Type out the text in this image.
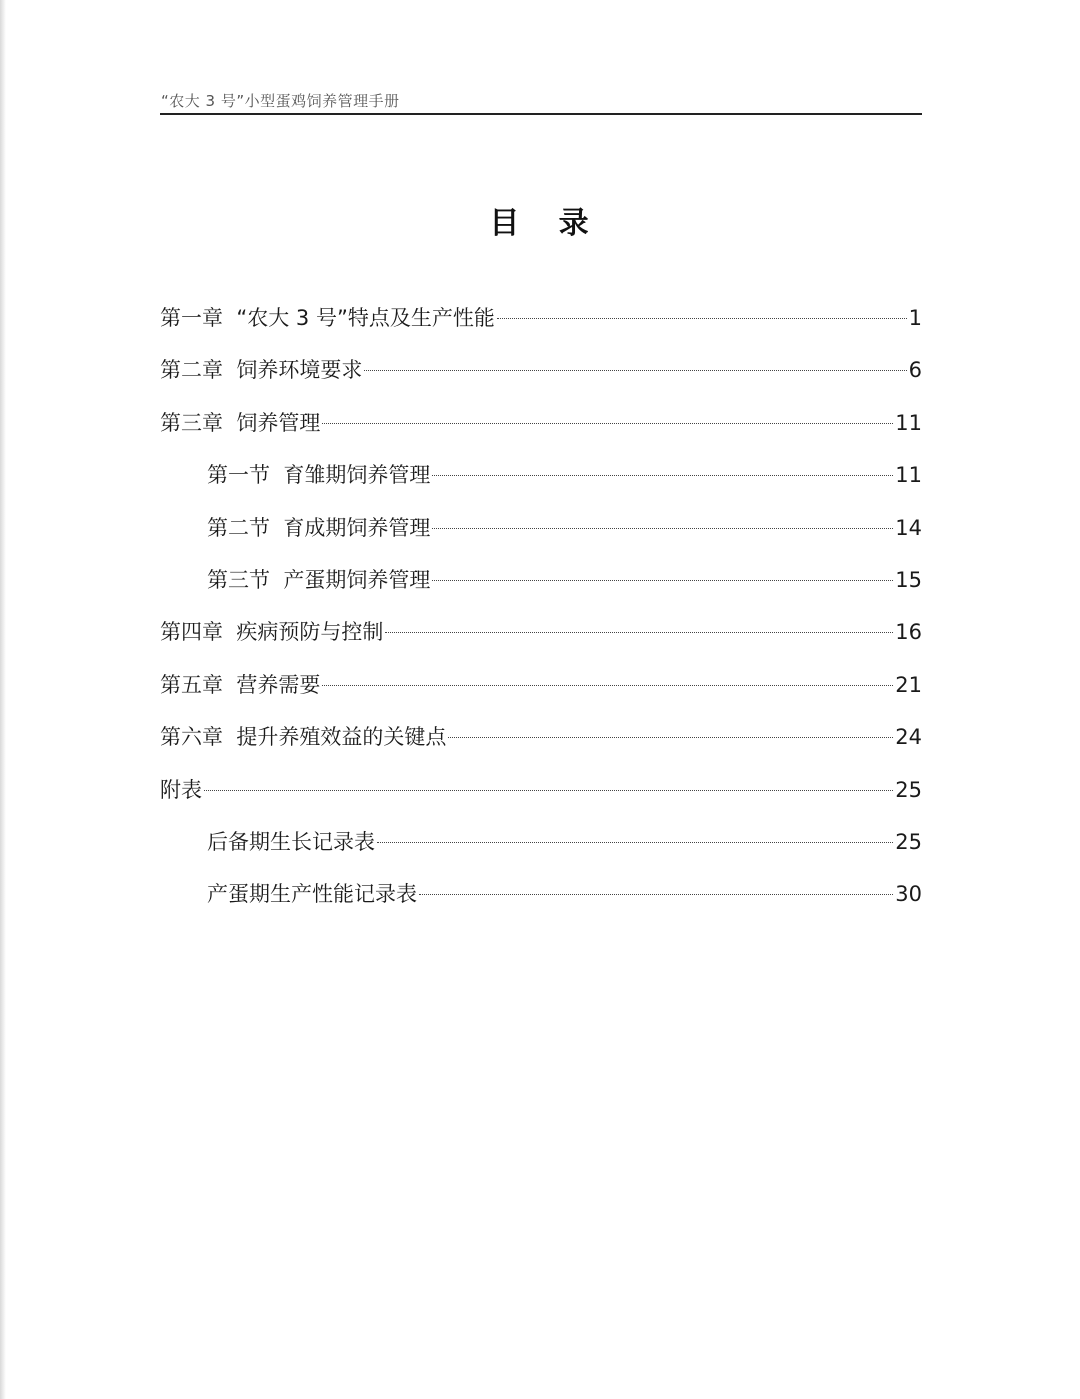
“农大 3 号”小型蛋鸡饲养管理手册
目   录
第一章  “农大 3 号”特点及生产性能	1
第二章  饲养环境要求	6
第三章  饲养管理	11
第一节  育雏期饲养管理	11
第二节  育成期饲养管理	14
第三节  产蛋期饲养管理	15
第四章  疾病预防与控制	16
第五章  营养需要	21
第六章  提升养殖效益的关键点	24
附表	25
后备期生长记录表	25
产蛋期生产性能记录表	30
